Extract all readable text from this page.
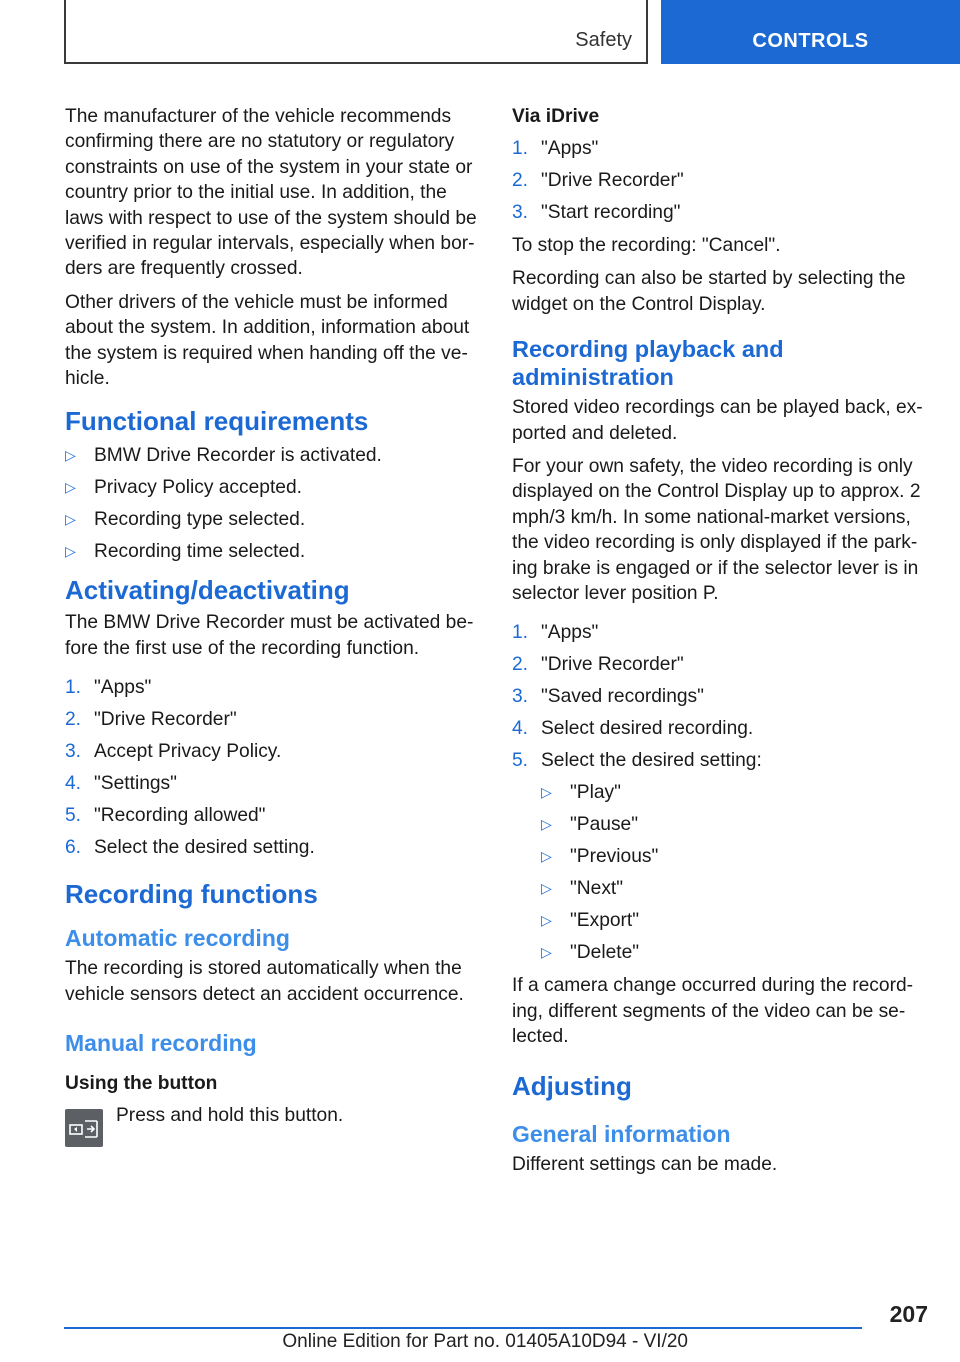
Safety	CONTROLS

The manufacturer of the vehicle recommends confirming there are no statutory or regulatory constraints on use of the system in your state or country prior to the initial use. In addition, the laws with respect to use of the system should be verified in regular intervals, especially when borders are frequently crossed.

Other drivers of the vehicle must be informed about the system. In addition, information about the system is required when handing off the vehicle.

Functional requirements
▷ BMW Drive Recorder is activated.
▷ Privacy Policy accepted.
▷ Recording type selected.
▷ Recording time selected.
Activating/deactivating

The BMW Drive Recorder must be activated before the first use of the recording function.

1. "Apps"
2. "Drive Recorder"
3. Accept Privacy Policy.
4. "Settings"
5. "Recording allowed"
6. Select the desired setting.
Recording functions
Automatic recording

The recording is stored automatically when the vehicle sensors detect an accident occurrence.

Manual recording
Using the button
Press and hold this button.
Via iDrive
1. "Apps"
2. "Drive Recorder"
3. "Start recording"

To stop the recording: "Cancel".

Recording can also be started by selecting the widget on the Control Display.

Recording playback and administration

Stored video recordings can be played back, exported and deleted.

For your own safety, the video recording is only displayed on the Control Display up to approx. 2 mph/3 km/h. In some national-market versions, the video recording is only displayed if the parking brake is engaged or if the selector lever is in selector lever position P.

1. "Apps"
2. "Drive Recorder"
3. "Saved recordings"
4. Select desired recording.
5. Select the desired setting:
▷ "Play"
▷ "Pause"
▷ "Previous"
▷ "Next"
▷ "Export"
▷ "Delete"

If a camera change occurred during the recording, different segments of the video can be selected.

Adjusting
General information

Different settings can be made.

207
Online Edition for Part no. 01405A10D94 - VI/20
